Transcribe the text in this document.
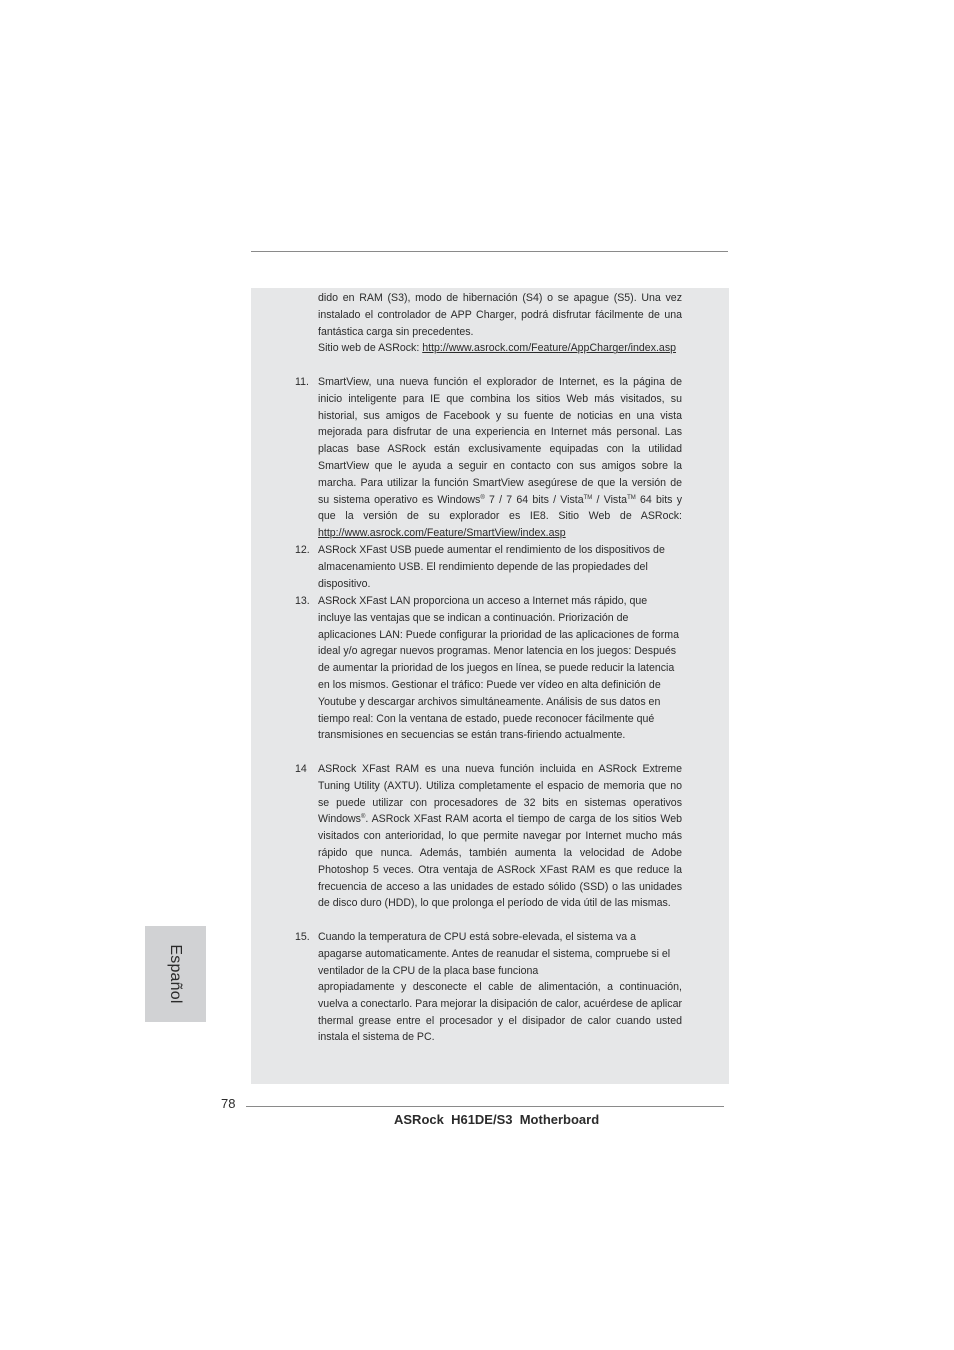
dido en RAM (S3), modo de hibernación (S4) o se apague (S5). Una vez instalado el controlador de APP Charger, podrá disfrutar fácilmente de una fantástica carga sin precedentes.
Sitio web de ASRock: http://www.asrock.com/Feature/AppCharger/index.asp
11. SmartView, una nueva función el explorador de Internet, es la página de inicio inteligente para IE que combina los sitios Web más visitados, su historial, sus amigos de Facebook y su fuente de noticias en una vista mejorada para disfrutar de una experiencia en Internet más personal. Las placas base ASRock están exclusivamente equipadas con la utilidad SmartView que le ayuda a seguir en contacto con sus amigos sobre la marcha. Para utilizar la función SmartView asegúrese de que la versión de su sistema operativo es Windows® 7 / 7 64 bits / Vista™ / Vista™ 64 bits y que la versión de su explorador es IE8. Sitio Web de ASRock: http://www.asrock.com/Feature/SmartView/index.asp
12. ASRock XFast USB puede aumentar el rendimiento de los dispositivos de almacenamiento USB. El rendimiento depende de las propiedades del dispositivo.
13. ASRock XFast LAN proporciona un acceso a Internet más rápido, que incluye las ventajas que se indican a continuación. Priorización de aplicaciones LAN: Puede configurar la prioridad de las aplicaciones de forma ideal y/o agregar nuevos programas. Menor latencia en los juegos: Después de aumentar la prioridad de los juegos en línea, se puede reducir la latencia en los mismos. Gestionar el tráfico: Puede ver vídeo en alta definición de Youtube y descargar archivos simultáneamente. Análisis de sus datos en tiempo real: Con la ventana de estado, puede reconocer fácilmente qué transmisiones en secuencias se están trans-firiendo actualmente.
14 ASRock XFast RAM es una nueva función incluida en ASRock Extreme Tuning Utility (AXTU). Utiliza completamente el espacio de memoria que no se puede utilizar con procesadores de 32 bits en sistemas operativos Windows®. ASRock XFast RAM acorta el tiempo de carga de los sitios Web visitados con anterioridad, lo que permite navegar por Internet mucho más rápido que nunca. Además, también aumenta la velocidad de Adobe Photoshop 5 veces. Otra ventaja de ASRock XFast RAM es que reduce la frecuencia de acceso a las unidades de estado sólido (SSD) o las unidades de disco duro (HDD), lo que prolonga el período de vida útil de las mismas.
15. Cuando la temperatura de CPU está sobre-elevada, el sistema va a apagarse automaticamente. Antes de reanudar el sistema, compruebe si el ventilador de la CPU de la placa base funciona
apropiadamente y desconecte el cable de alimentación, a continuación, vuelva a conectarlo. Para mejorar la disipación de calor, acuérdese de aplicar thermal grease entre el procesador y el disipador de calor cuando usted instala el sistema de PC.
Español
78
ASRock  H61DE/S3  Motherboard
